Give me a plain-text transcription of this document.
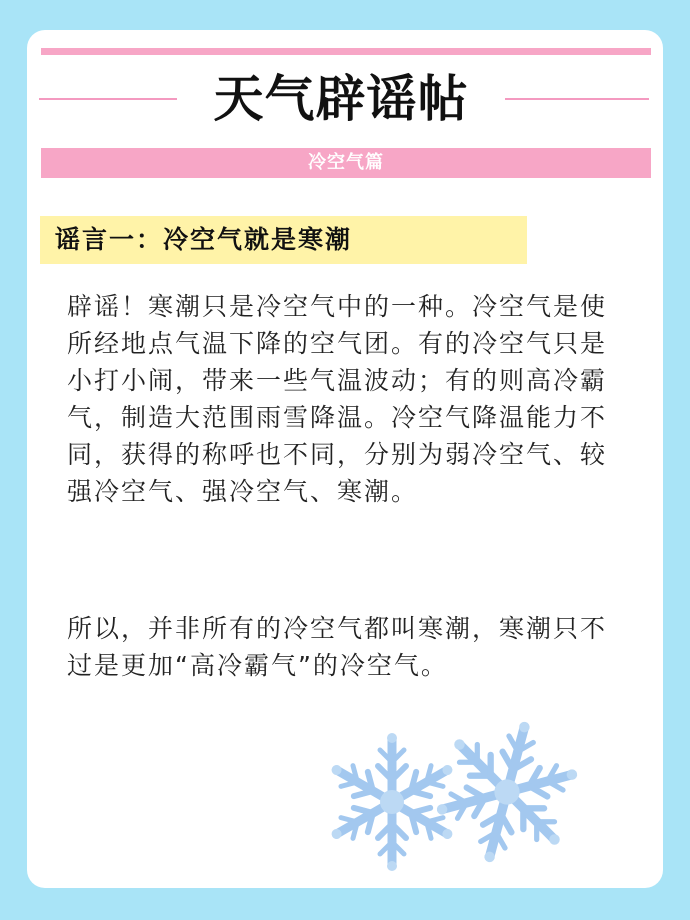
天气辟谣帖
冷空气篇
谣言一：冷空气就是寒潮

辟谣！寒潮只是冷空气中的一种。冷空气是使所经地点气温下降的空气团。有的冷空气只是小打小闹，带来一些气温波动；有的则高冷霸气，制造大范围雨雪降温。冷空气降温能力不同，获得的称呼也不同，分别为弱冷空气、较强冷空气、强冷空气、寒潮。

所以，并非所有的冷空气都叫寒潮，寒潮只不过是更加“高冷霸气”的冷空气。
